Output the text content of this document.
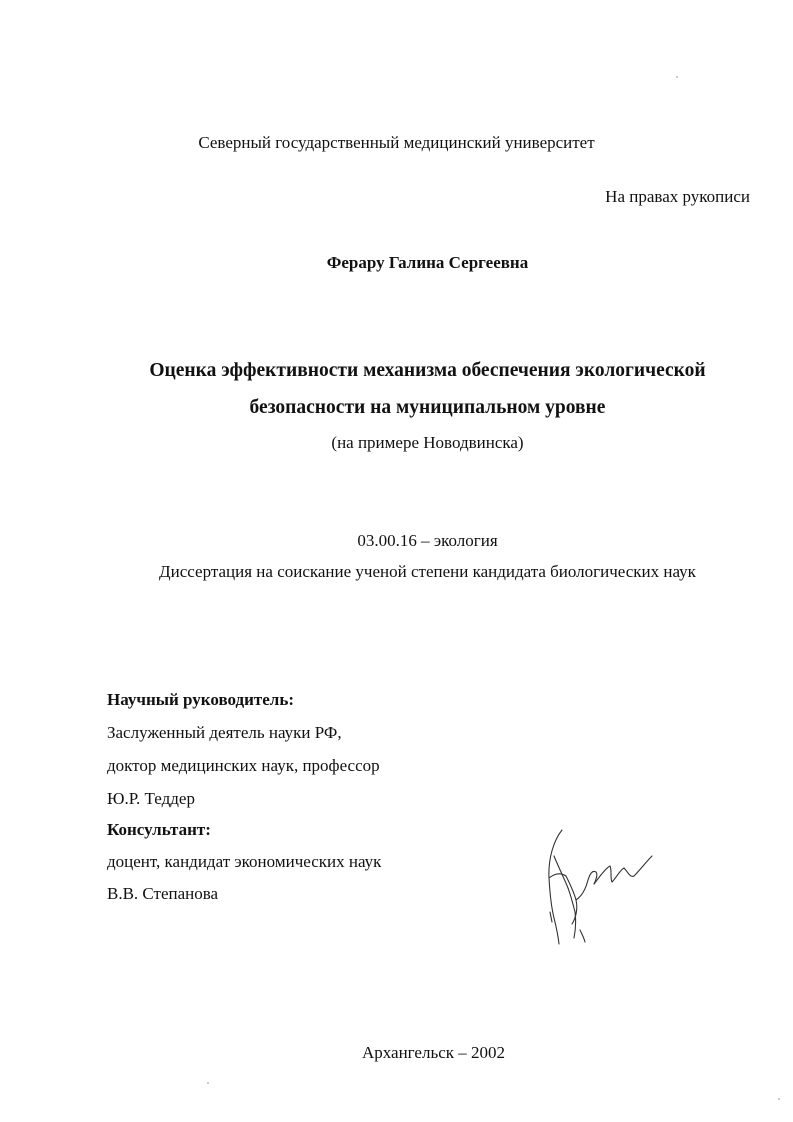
Северный государственный медицинский университет
На правах рукописи
Ферару Галина Сергеевна
Оценка эффективности механизма обеспечения экологической
безопасности на муниципальном уровне
(на примере Новодвинска)
03.00.16 – экология
Диссертация на соискание ученой степени кандидата биологических наук
Научный руководитель:
Заслуженный деятель науки РФ,
доктор медицинских наук, профессор
Ю.Р. Теддер
Консультант:
доцент, кандидат экономических наук
В.В. Степанова
Архангельск – 2002
